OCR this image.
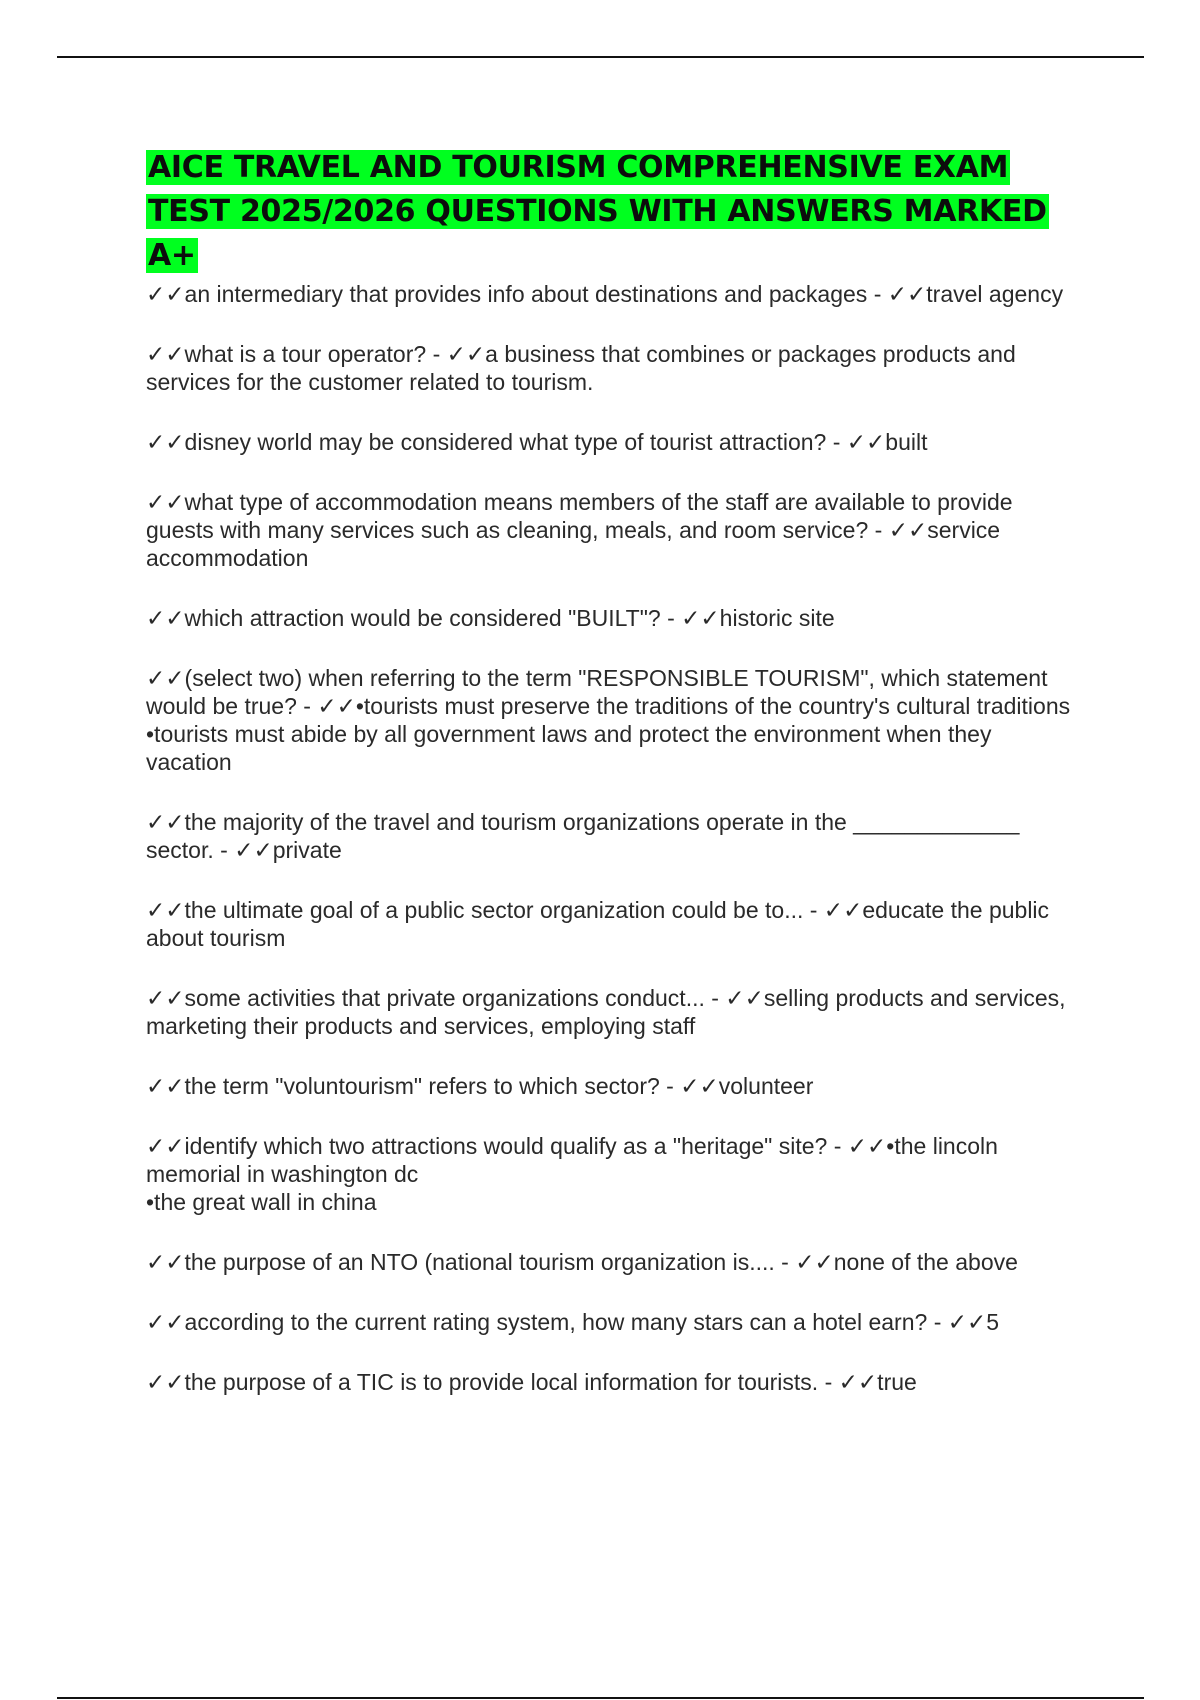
AICE TRAVEL AND TOURISM COMPREHENSIVE EXAM TEST 2025/2026 QUESTIONS WITH ANSWERS MARKED A+
✓✓an intermediary that provides info about destinations and packages - ✓✓travel agency
✓✓what is a tour operator? - ✓✓a business that combines or packages products and services for the customer related to tourism.
✓✓disney world may be considered what type of tourist attraction? - ✓✓built
✓✓what type of accommodation means members of the staff are available to provide guests with many services such as cleaning, meals, and room service? - ✓✓service accommodation
✓✓which attraction would be considered "BUILT"? - ✓✓historic site
✓✓(select two) when referring to the term "RESPONSIBLE TOURISM", which statement would be true? - ✓✓•tourists must preserve the traditions of the country's cultural traditions
•tourists must abide by all government laws and protect the environment when they vacation
✓✓the majority of the travel and tourism organizations operate in the _____________ sector. - ✓✓private
✓✓the ultimate goal of a public sector organization could be to... - ✓✓educate the public about tourism
✓✓some activities that private organizations conduct... - ✓✓selling products and services, marketing their products and services, employing staff
✓✓the term "voluntourism" refers to which sector? - ✓✓volunteer
✓✓identify which two attractions would qualify as a "heritage" site? - ✓✓•the lincoln memorial in washington dc
•the great wall in china
✓✓the purpose of an NTO (national tourism organization is.... - ✓✓none of the above
✓✓according to the current rating system, how many stars can a hotel earn? - ✓✓5
✓✓the purpose of a TIC is to provide local information for tourists. - ✓✓true
